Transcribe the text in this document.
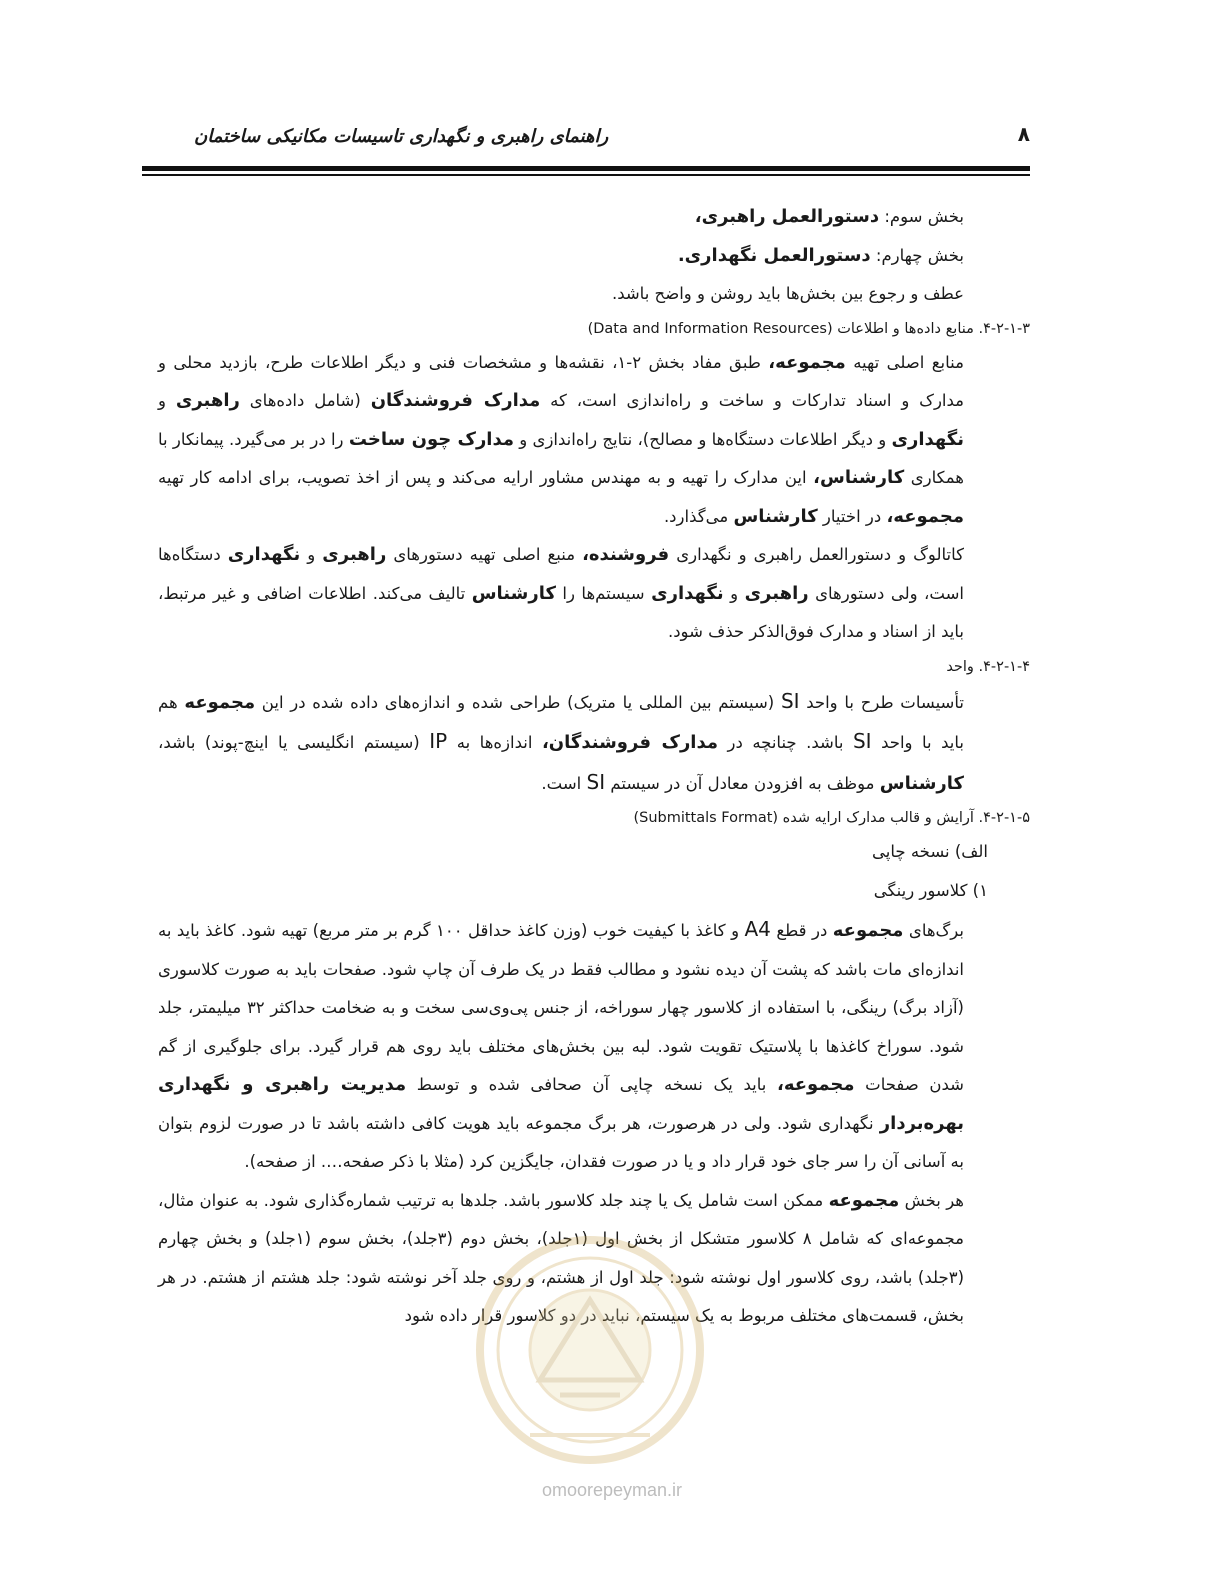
۸
راهنمای راهبری و نگهداری تاسیسات مکانیکی ساختمان

بخش سوم: دستورالعمل راهبری،

بخش چهارم: دستورالعمل نگهداری.

عطف و رجوع بین بخش‌ها باید روشن و واضح باشد.

۴-۲-۱-۳. منابع داده‌ها و اطلاعات (Data and Information Resources)

منابع اصلی تهیه مجموعه، طبق مفاد بخش ۲-۱، نقشه‌ها و مشخصات فنی و دیگر اطلاعات طرح، بازدید محلی و مدارک و اسناد تدارکات و ساخت و راه‌اندازی است، که مدارک فروشندگان (شامل داده‌های راهبری و نگهداری و دیگر اطلاعات دستگاه‌ها و مصالح)، نتایج راه‌اندازی و مدارک چون ساخت را در بر می‌گیرد. پیمانکار با همکاری کارشناس، این مدارک را تهیه و به مهندس مشاور ارایه می‌کند و پس از اخذ تصویب، برای ادامه کار تهیه مجموعه، در اختیار کارشناس می‌گذارد.

کاتالوگ و دستورالعمل راهبری و نگهداری فروشنده، منبع اصلی تهیه دستورهای راهبری و نگهداری دستگاه‌ها است، ولی دستورهای راهبری و نگهداری سیستم‌ها را کارشناس تالیف می‌کند. اطلاعات اضافی و غیر مرتبط، باید از اسناد و مدارک فوق‌الذکر حذف شود.

۴-۲-۱-۴. واحد

تأسیسات طرح با واحد SI (سیستم بین المللی یا متریک) طراحی شده و اندازه‌های داده شده در این مجموعه هم باید با واحد SI باشد. چنانچه در مدارک فروشندگان، اندازه‌ها به IP (سیستم انگلیسی یا اینچ-پوند) باشد، کارشناس موظف به افزودن معادل آن در سیستم SI است.

۴-۲-۱-۵. آرایش و قالب مدارک ارایه شده (Submittals Format)

الف) نسخه چاپی

۱) کلاسور رینگی

برگ‌های مجموعه در قطع A4 و کاغذ با کیفیت خوب (وزن کاغذ حداقل ۱۰۰ گرم بر متر مربع) تهیه شود. کاغذ باید به اندازه‌ای مات باشد که پشت آن دیده نشود و مطالب فقط در یک طرف آن چاپ شود. صفحات باید به صورت کلاسوری (آزاد برگ) رینگی، با استفاده از کلاسور چهار سوراخه، از جنس پی‌وی‌سی سخت و به ضخامت حداکثر ۳۲ میلیمتر، جلد شود. سوراخ کاغذها با پلاستیک تقویت شود. لبه بین بخش‌های مختلف باید روی هم قرار گیرد. برای جلوگیری از گم شدن صفحات مجموعه، باید یک نسخه چاپی آن صحافی شده و توسط مدیریت راهبری و نگهداری بهره‌بردار نگهداری شود. ولی در هرصورت، هر برگ مجموعه باید هویت کافی داشته باشد تا در صورت لزوم بتوان به آسانی آن را سر جای خود قرار داد و یا در صورت فقدان، جایگزین کرد (مثلا با ذکر صفحه…. از صفحه).

هر بخش مجموعه ممکن است شامل یک یا چند جلد کلاسور باشد. جلدها به ترتیب شماره‌گذاری شود. به عنوان مثال، مجموعه‌ای که شامل ۸ کلاسور متشکل از بخش اول (۱جلد)، بخش دوم (۳جلد)، بخش سوم (۱جلد) و بخش چهارم (۳جلد) باشد، روی کلاسور اول نوشته شود: جلد اول از هشتم، و روی جلد آخر نوشته شود: جلد هشتم از هشتم. در هر بخش، قسمت‌های مختلف مربوط به یک سیستم، نباید در دو کلاسور قرار داده شود

omoorepeyman.ir
